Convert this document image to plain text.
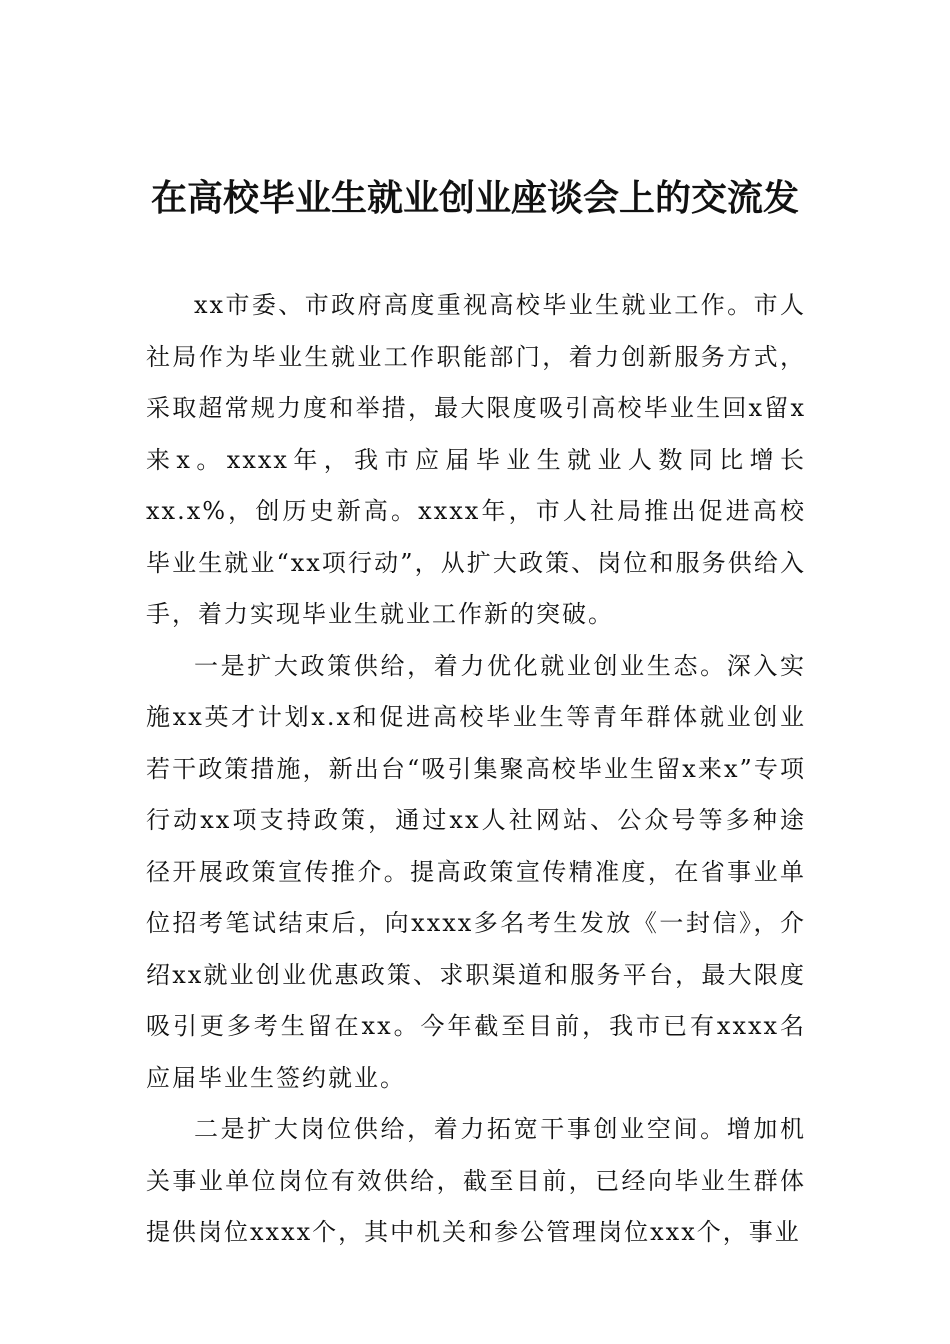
在高校毕业生就业创业座谈会上的交流发

xx市委、市政府高度重视高校毕业生就业工作。市人社局作为毕业生就业工作职能部门，着力创新服务方式，采取超常规力度和举措，最大限度吸引高校毕业生回x留x来x。xxxx年，我市应届毕业生就业人数同比增长xx.x%，创历史新高。xxxx年，市人社局推出促进高校毕业生就业“xx项行动”，从扩大政策、岗位和服务供给入手，着力实现毕业生就业工作新的突破。

一是扩大政策供给，着力优化就业创业生态。深入实施xx英才计划x.x和促进高校毕业生等青年群体就业创业若干政策措施，新出台“吸引集聚高校毕业生留x来x”专项行动xx项支持政策，通过xx人社网站、公众号等多种途径开展政策宣传推介。提高政策宣传精准度，在省事业单位招考笔试结束后，向xxxx多名考生发放《一封信》，介绍xx就业创业优惠政策、求职渠道和服务平台，最大限度吸引更多考生留在xx。今年截至目前，我市已有xxxx名应届毕业生签约就业。

二是扩大岗位供给，着力拓宽干事创业空间。增加机关事业单位岗位有效供给，截至目前，已经向毕业生群体提供岗位xxxx个，其中机关和参公管理岗位xxx个，事业
